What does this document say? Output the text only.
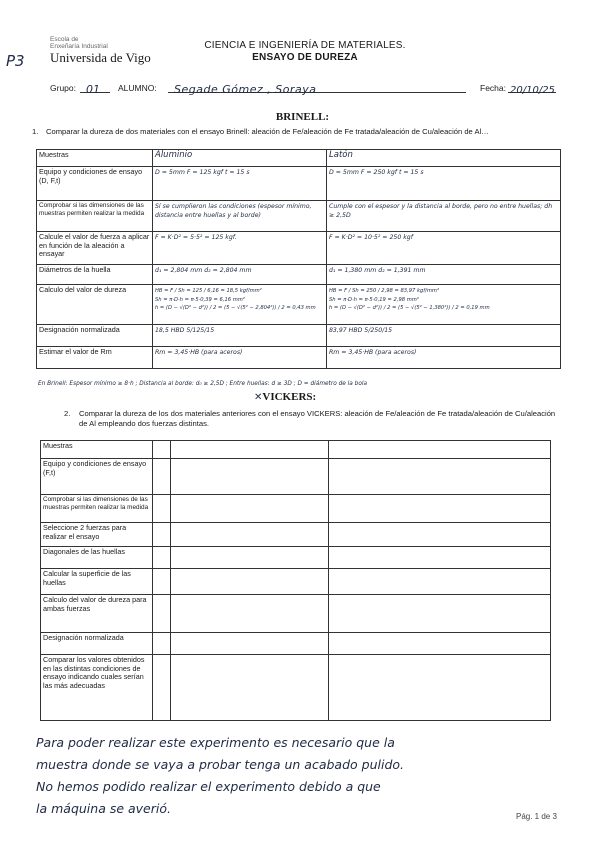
P3
Escola de
Enxeñaría Industrial
Universida de Vigo
CIENCIA E INGENIERÍA DE MATERIALES.
ENSAYO DE DUREZA
Grupo: 01	ALUMNO:	Segade Gómez , Soraya	Fecha: 20/10/25
BRINELL:
1. Comparar la dureza de dos materiales con el ensayo Brinell: aleación de Fe/aleación de Fe tratada/aleación de Cu/aleación de Al…
Muestras	Aluminio	Latón
Equipo y condiciones de ensayo (D, F,t)	D = 5mm F = 125 kgf t = 15 s	D = 5mm F = 250 kgf t = 15 s
Comprobar si las dimensiones de las muestras permiten realizar la medida	Sí se cumplieron las condiciones (espesor mínimo, distancia entre huellas y al borde)	Cumple con el espesor y la distancia al borde, pero no entre huellas; dh ≥ 2,5D
Calcule el valor de fuerza a aplicar en función de la aleación a ensayar	F = K·D² = 5·5² = 125 kgf.	F = K·D² = 10·5² = 250 kgf
Diámetros de la huella	d₁ = 2,804 mm d₂ = 2,804 mm	d₁ = 1,380 mm d₂ = 1,391 mm
Calculo del valor de dureza	HB = F / Sh = 125 / 6,16 = 18,5 kgf/mm²
Sh = π·D·h = π·5·0,39 = 6,16 mm²
h = (D − √(D² − d²)) / 2 = (5 − √(5² − 2,804²)) / 2 = 0,43 mm	HB = F / Sh = 250 / 2,98 = 83,97 kgf/mm²
Sh = π·D·h = π·5·0,19 = 2,98 mm²
h = (D − √(D² − d²)) / 2 = (5 − √(5² − 1,380²)) / 2 = 0,19 mm
Designación normalizada	18,5 HBD 5/125/15	83,97 HBD 5/250/15
Estimar el valor de Rm	Rm = 3,45·HB (para aceros)	Rm = 3,45·HB (para aceros)
En Brinell: Espesor mínimo ≥ 8·h ; Distancia al borde: d₀ ≥ 2,5D ; Entre huellas: d ≥ 3D ; D = diámetro de la bola
✕VICKERS:
2. Comparar la dureza de los dos materiales anteriores con el ensayo VICKERS: aleación de Fe/aleación de Fe tratada/aleación de Cu/aleación de Al empleando dos fuerzas distintas.
Muestras			
Equipo y condiciones de ensayo (F,t)			
Comprobar si las dimensiones de las muestras permiten realizar la medida			
Seleccione 2 fuerzas para realizar el ensayo			
Diagonales de las huellas			
Calcular la superficie de las huellas			
Calculo del valor de dureza para ambas fuerzas			
Designación normalizada			
Comparar los valores obtenidos en las distintas condiciones de ensayo indicando cuales serían las más adecuadas			
Para poder realizar este experimento es necesario que la
muestra donde se vaya a probar tenga un acabado pulido.
No hemos podido realizar el experimento debido a que
la máquina se averió.
Pág. 1 de 3
